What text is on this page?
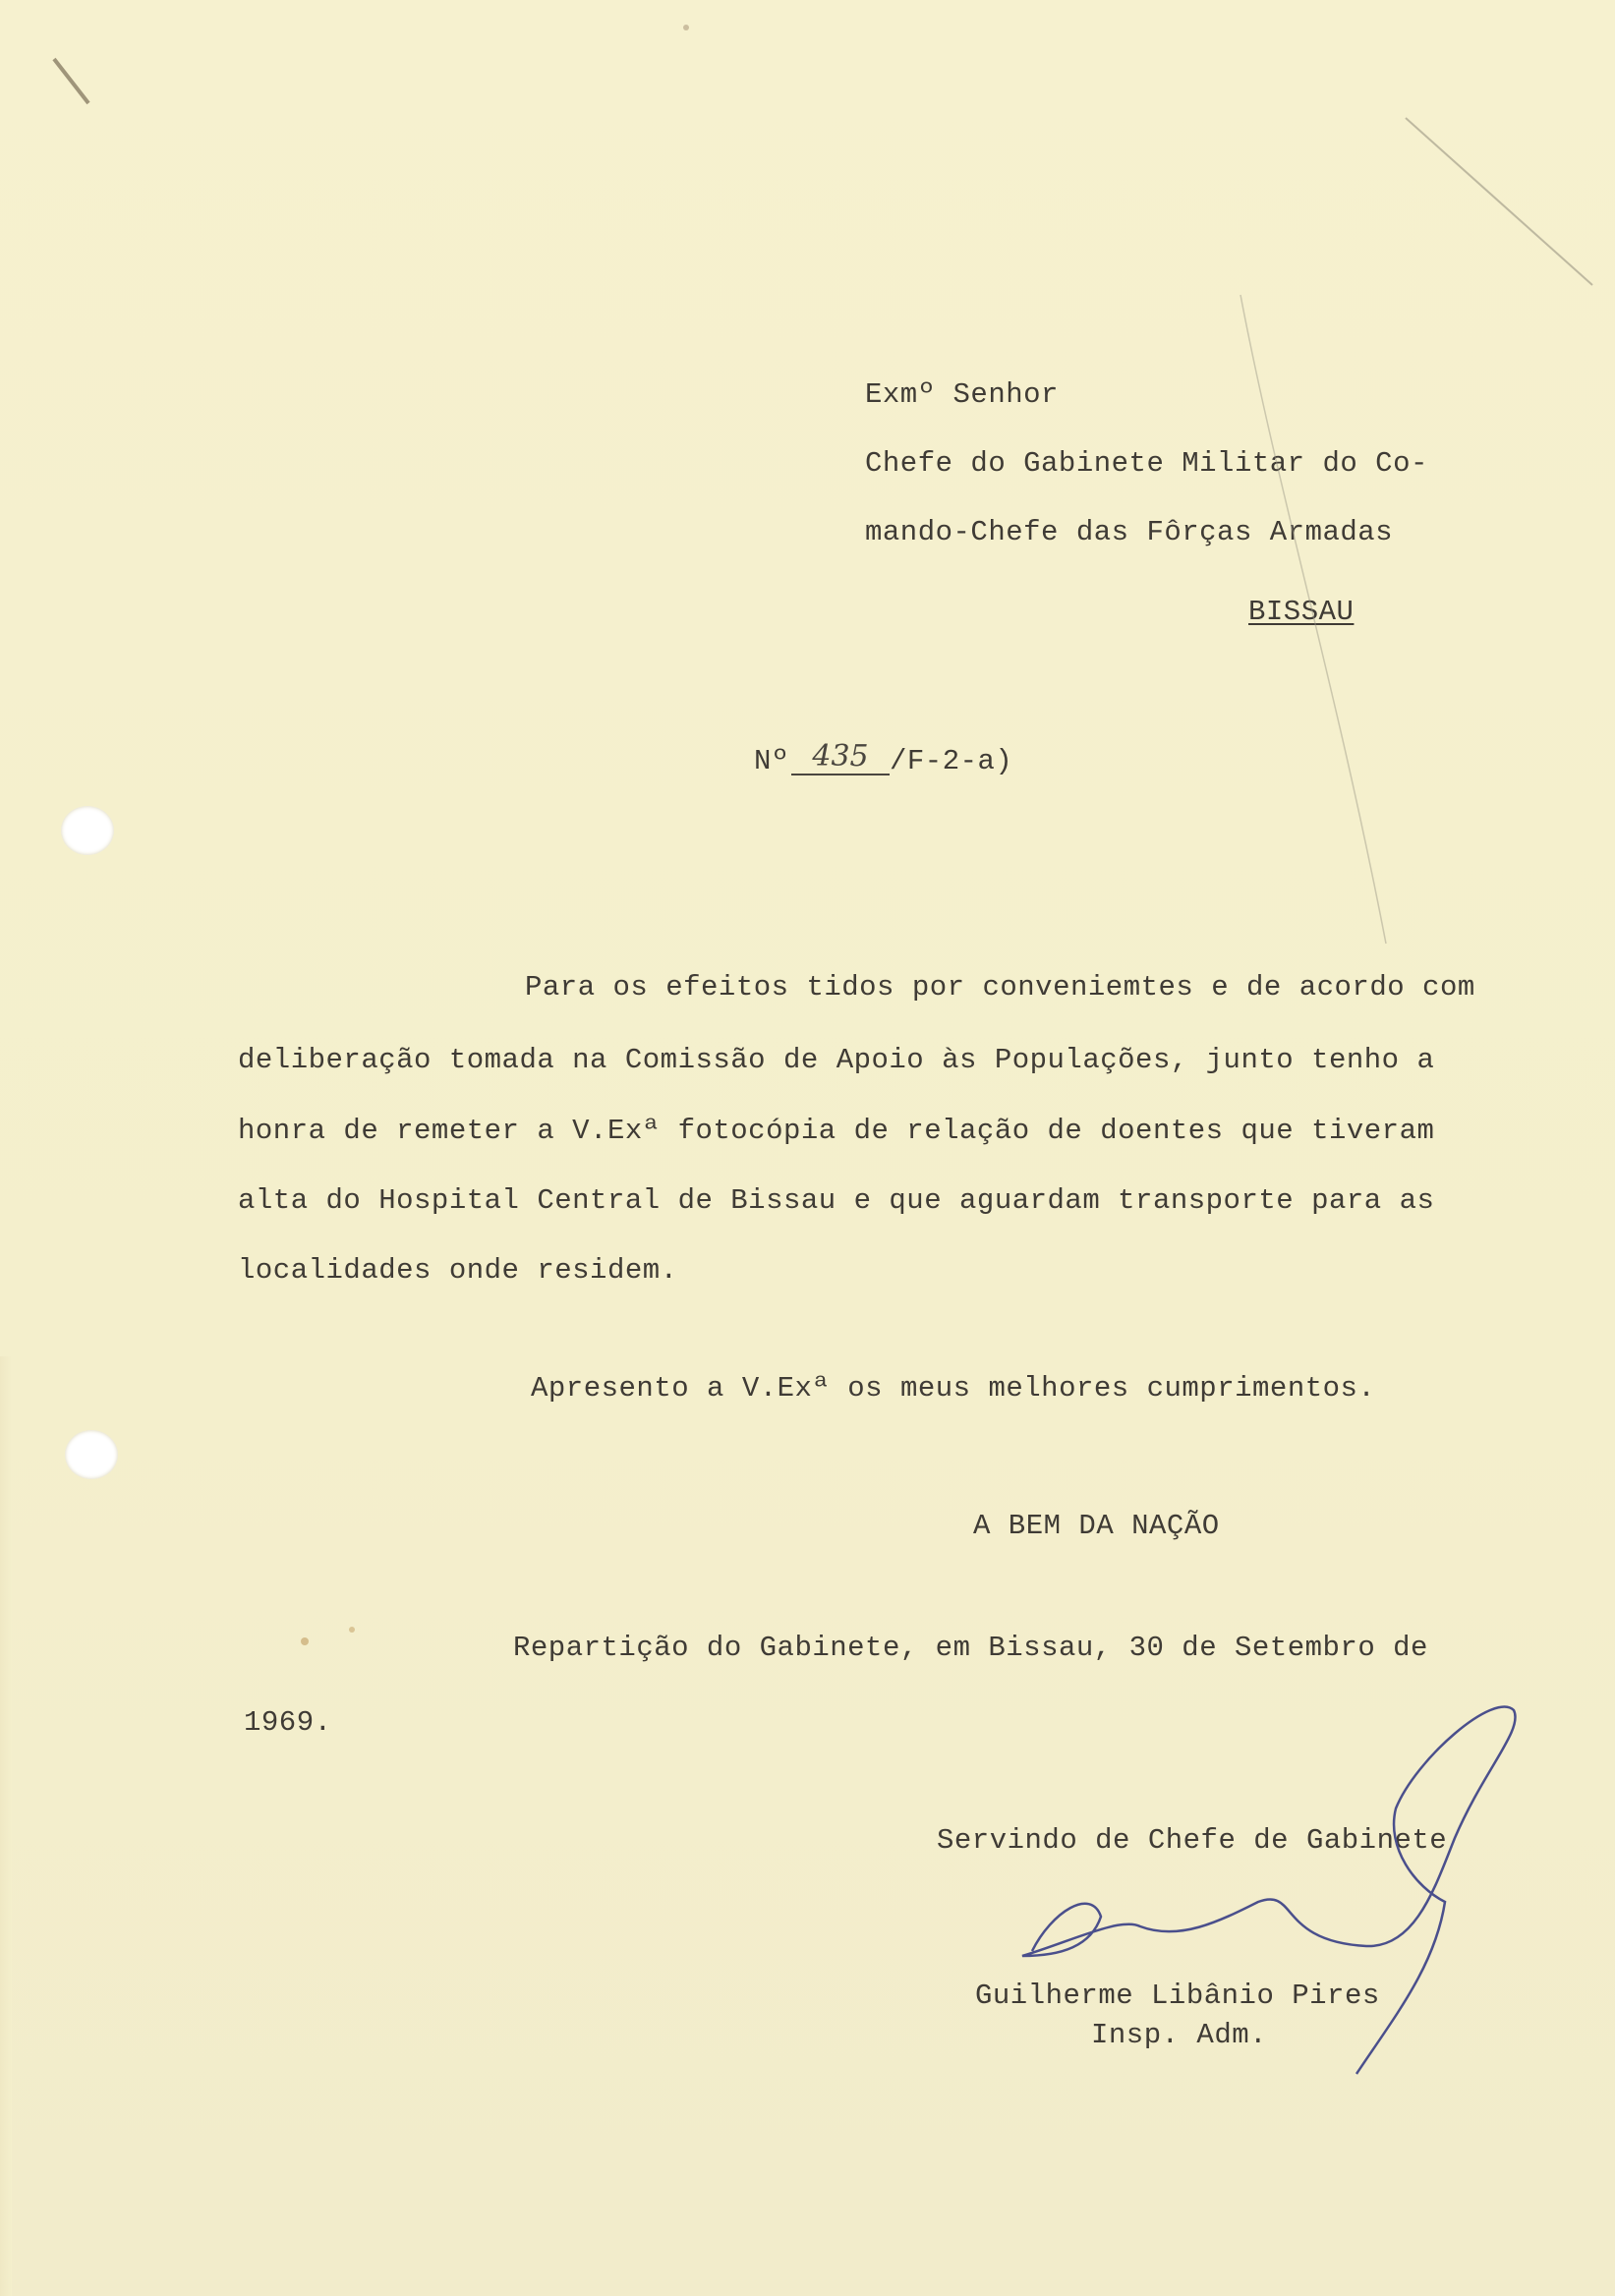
Exmº Senhor
Chefe do Gabinete Militar do Co-
mando-Chefe das Fôrças Armadas
BISSAU
Nº 435 /F-2-a)
Para os efeitos tidos por conveniemtes e de acordo com
deliberação tomada na Comissão de Apoio às Populações, junto tenho a
honra de remeter a V.Exª fotocópia de relação de doentes que tiveram
alta do Hospital Central de Bissau e que aguardam transporte para as
localidades onde residem.
Apresento a V.Exª os meus melhores cumprimentos.
A BEM DA NAÇÃO
Repartição do Gabinete, em Bissau, 30 de Setembro de
1969.
Servindo de Chefe de Gabinete
Guilherme Libânio Pires
Insp. Adm.
